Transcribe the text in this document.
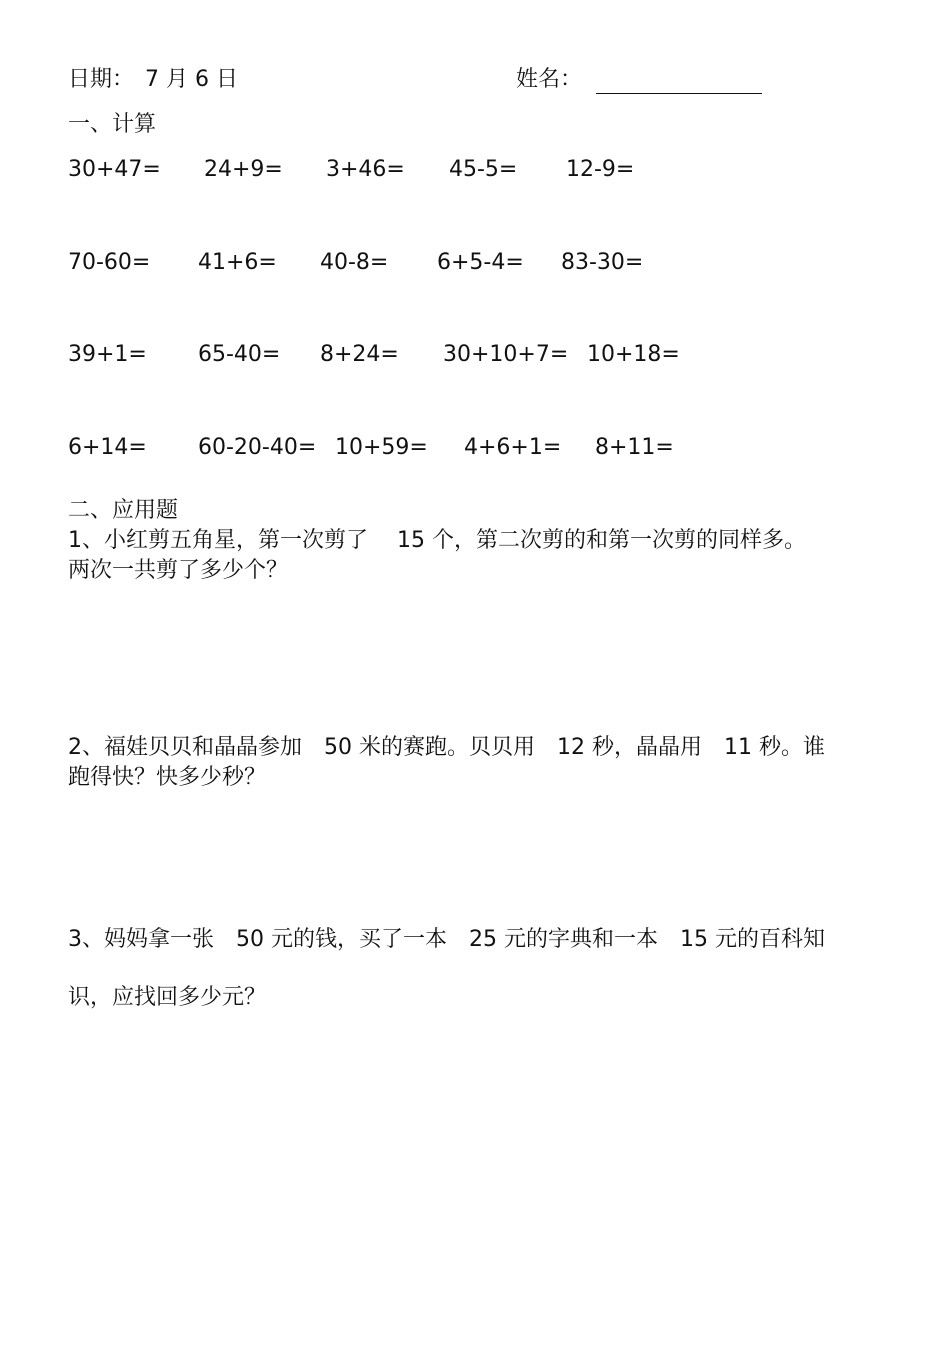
日期： 7 月 6 日	姓名：
一、计算
30+47= 24+9= 3+46= 45-5= 12-9=
70-60= 41+6= 40-8= 6+5-4= 83-30=
39+1= 65-40= 8+24= 30+10+7= 10+18=
6+14= 60-20-40= 10+59= 4+6+1= 8+11=
二、应用题
1、小红剪五角星，第一次剪了　 15 个，第二次剪的和第一次剪的同样多。
两次一共剪了多少个？
2、福娃贝贝和晶晶参加　50 米的赛跑。贝贝用　12 秒，晶晶用　11 秒。谁
跑得快？快多少秒？
3、妈妈拿一张　50 元的钱，买了一本　25 元的字典和一本　15 元的百科知
识，应找回多少元？
